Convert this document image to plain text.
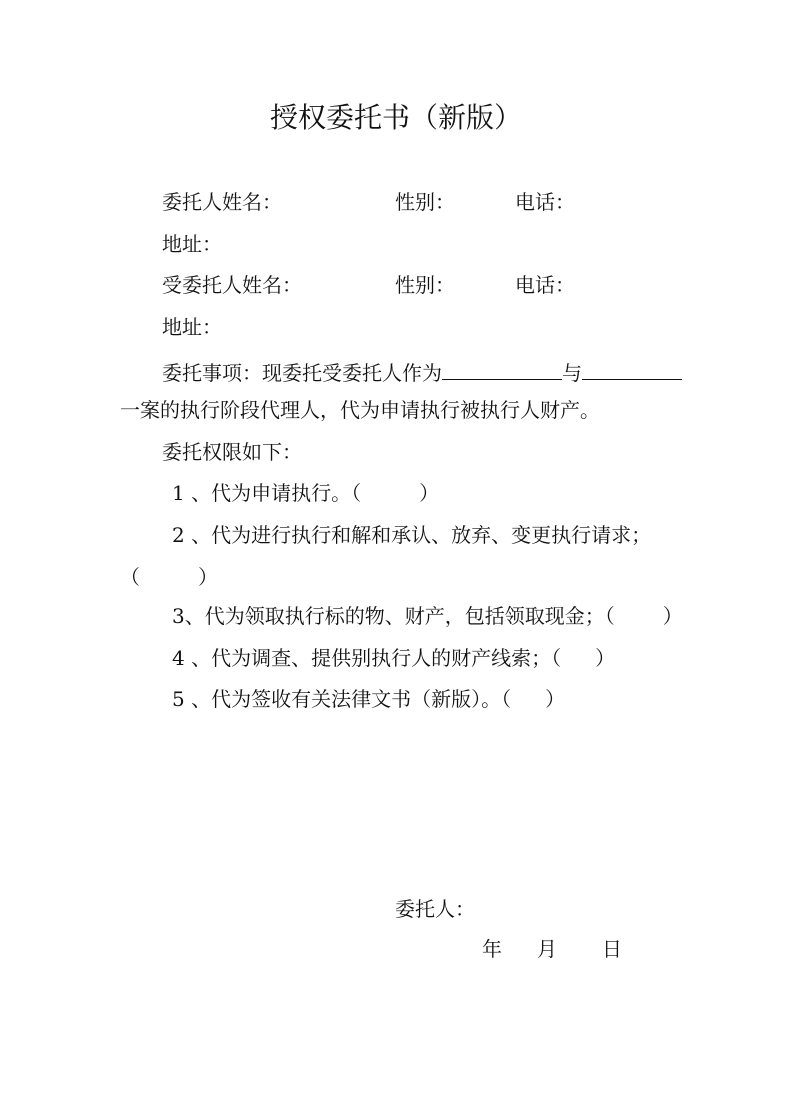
授权委托书（新版）
委托人姓名：	性别：	电话：
地址：
受委托人姓名：	性别：	电话：
地址：
委托事项：现委托受委托人作为	与
一案的执行阶段代理人，代为申请执行被执行人财产。
委托权限如下：
1 、代为申请执行。（	）
2 、代为进行执行和解和承认、放弃、变更执行请求；
（	）
3、代为领取执行标的物、财产，包括领取现金；（ ）
4 、代为调查、提供别执行人的财产线索；（ ）
5 、代为签收有关法律文书（新版）。（ ）
委托人：
年 月 日
